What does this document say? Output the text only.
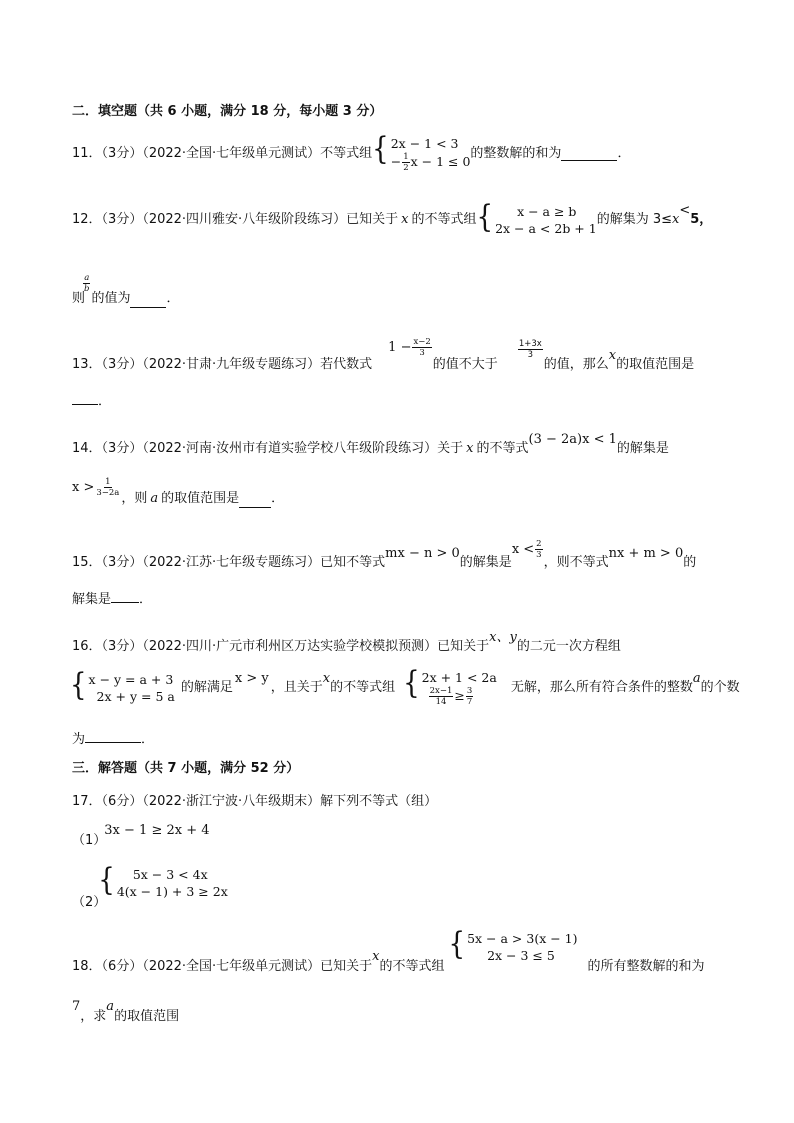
二．填空题（共 6 小题，满分 18 分，每小题 3 分）
11．（3分）（2022·全国·七年级单元测试）不等式组 { 2x − 1 < 3
− $\frac{1}{2}$ x − 1 ≤ 0
的整数解的和为	．
12．（3分）（2022·四川雅安·八年级阶段练习）已知关于 x 的不等式组 {	x − a ≥ b
2x − a < 2b + 1
的解集为 3≤x<5，
则
$\frac{a}{b}$
的值为	．
13．（3分）（2022·甘肃·九年级专题练习）若代数式
$1 - \frac{x-2}{3}$
的值不大于
$\frac{1+3x}{3}$
的值，那么
x
的取值范围是
．
14．（3分）（2022·河南·汝州市有道实验学校八年级阶段练习）关于 x 的不等式
(3 − 2a)x < 1
的解集是
$x > \frac{1}{3-2a}$
，则 a 的取值范围是 ．
15．（3分）（2022·江苏·七年级专题练习）已知不等式
mx − n > 0
的解集是
$x < \frac{2}{3}$
，则不等式
nx + m > 0
的
解集是 ．
16．（3分）（2022·四川·广元市利州区万达实验学校模拟预测）已知关于
x、y
的二元一次方程组
{ x − y = a + 3
2x + y = 5 a
的解满足
x > y
，且关于
x
的不等式组 { 2x + 1 < 2a
$\frac{2x-1}{14} \ge \frac{3}{7}$	无解，那么所有符合条件的整数
a
的个数
为	．
三．解答题（共 7 小题，满分 52 分）
17．（6分）（2022·浙江宁波·八年级期末）解下列不等式（组）
（1）
3x − 1 ≥ 2x + 4
（2）
{	5x − 3 < 4x
4(x − 1) + 3 ≥ 2x
18．（6分）（2022·全国·七年级单元测试）已知关于
x
的不等式组
{ 5x − a > 3(x − 1)
2x − 3 ≤ 5
的所有整数解的和为
7
，求
a
的取值范围
